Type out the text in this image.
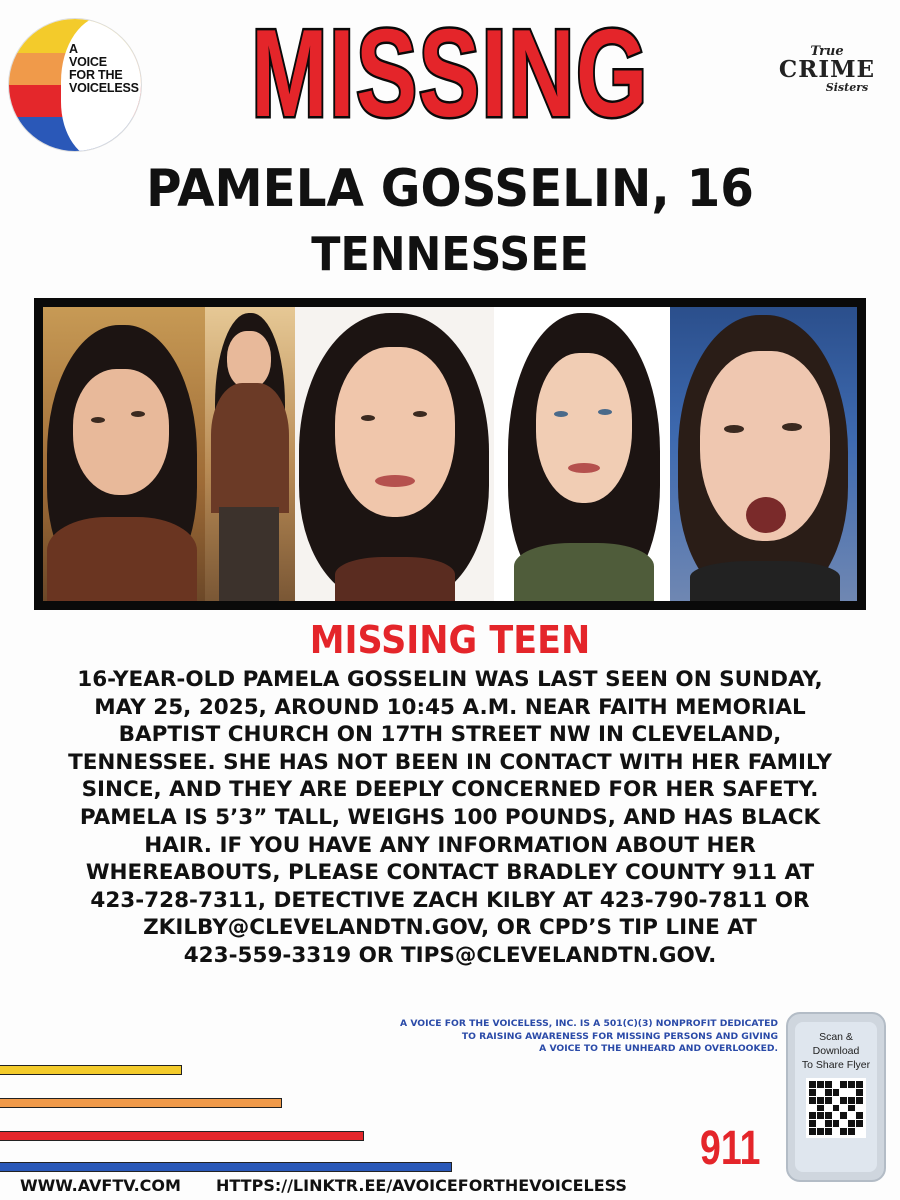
A
VOICE
FOR THE
VOICELESS
True
CRIME
Sisters
MISSING
PAMELA GOSSELIN, 16
TENNESSEE
MISSING TEEN
16-YEAR-OLD PAMELA GOSSELIN WAS LAST SEEN ON SUNDAY,
MAY 25, 2025, AROUND 10:45 A.M. NEAR FAITH MEMORIAL
BAPTIST CHURCH ON 17TH STREET NW IN CLEVELAND,
TENNESSEE. SHE HAS NOT BEEN IN CONTACT WITH HER FAMILY
SINCE, AND THEY ARE DEEPLY CONCERNED FOR HER SAFETY.
PAMELA IS 5’3” TALL, WEIGHS 100 POUNDS, AND HAS BLACK
HAIR. IF YOU HAVE ANY INFORMATION ABOUT HER
WHEREABOUTS, PLEASE CONTACT BRADLEY COUNTY 911 AT
423-728-7311, DETECTIVE ZACH KILBY AT 423-790-7811 OR
ZKILBY@CLEVELANDTN.GOV, OR CPD’S TIP LINE AT
423-559-3319 OR TIPS@CLEVELANDTN.GOV.
A VOICE FOR THE VOICELESS, INC. IS A 501(C)(3) NONPROFIT DEDICATED
TO RAISING AWARENESS FOR MISSING PERSONS AND GIVING
A VOICE TO THE UNHEARD AND OVERLOOKED.
Scan &
Download
To Share Flyer
911
WWW.AVFTV.COM HTTPS://LINKTR.EE/AVOICEFORTHEVOICELESS
